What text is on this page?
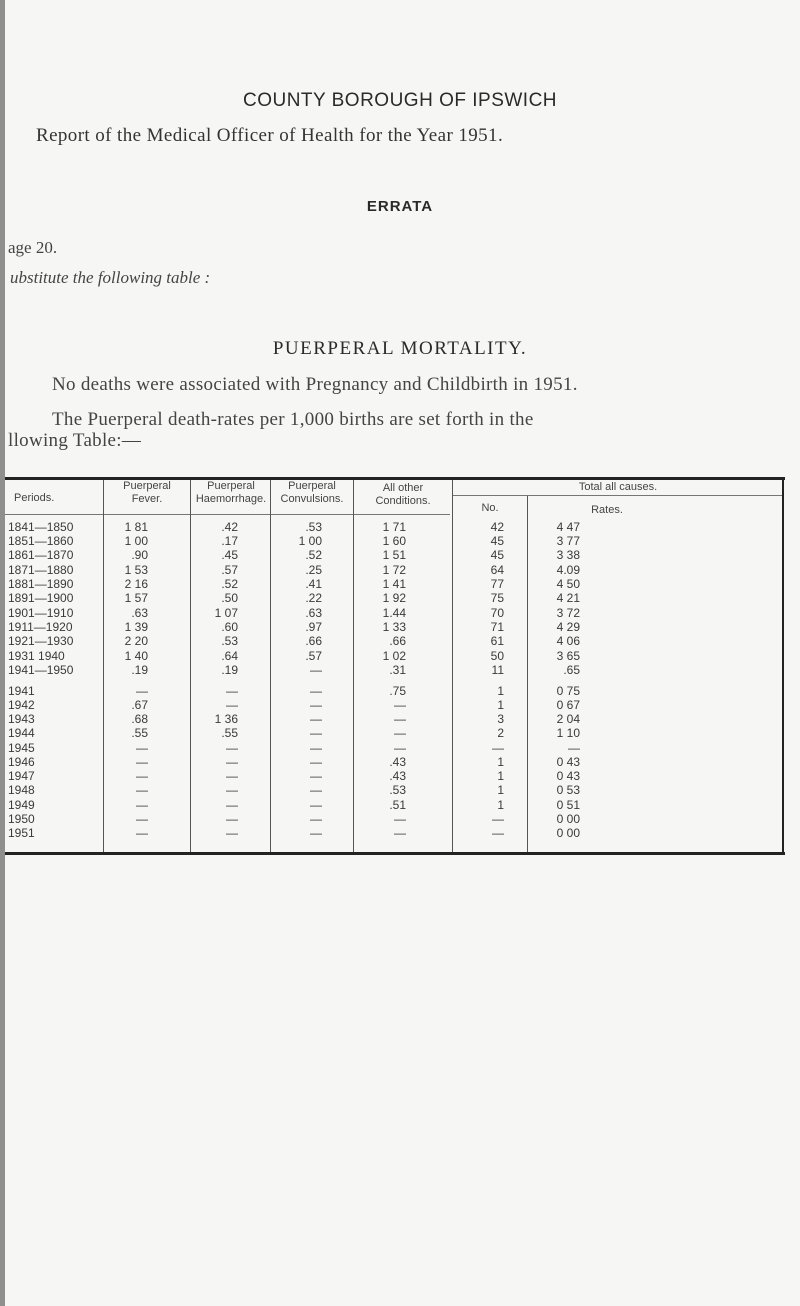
COUNTY BOROUGH OF IPSWICH
Report of the Medical Officer of Health for the Year 1951.
ERRATA
age 20.
ubstitute the following table :
PUERPERAL MORTALITY.
No deaths were associated with Pregnancy and Childbirth in 1951.
The Puerperal death-rates per 1,000 births are set forth in the
llowing Table:—
Periods.
Puerperal
Fever.
Puerperal
Haemorrhage.
Puerperal
Convulsions.
All other
Conditions.
Total all causes.
No.	Rates.
1841—1850	1 81	.42	.53	1 71	42	4 47
1851—1860	1 00	.17	1 00	1 60	45	3 77
1861—1870	.90	.45	.52	1 51	45	3 38
1871—1880	1 53	.57	.25	1 72	64	4.09
1881—1890	2 16	.52	.41	1 41	77	4 50
1891—1900	1 57	.50	.22	1 92	75	4 21
1901—1910	.63	1 07	.63	1.44	70	3 72
1911—1920	1 39	.60	.97	1 33	71	4 29
1921—1930	2 20	.53	.66	.66	61	4 06
1931 1940	1 40	.64	.57	1 02	50	3 65
1941—1950	.19	.19	—	.31	11	.65
1941	—	—	—	.75	1	0 75
1942	.67	—	—	—	1	0 67
1943	.68	1 36	—	—	3	2 04
1944	.55	.55	—	—	2	1 10
1945	—	—	—	—	—	—
1946	—	—	—	.43	1	0 43
1947	—	—	—	.43	1	0 43
1948	—	—	—	.53	1	0 53
1949	—	—	—	.51	1	0 51
1950	—	—	—	—	—	0 00
1951	—	—	—	—	—	0 00
